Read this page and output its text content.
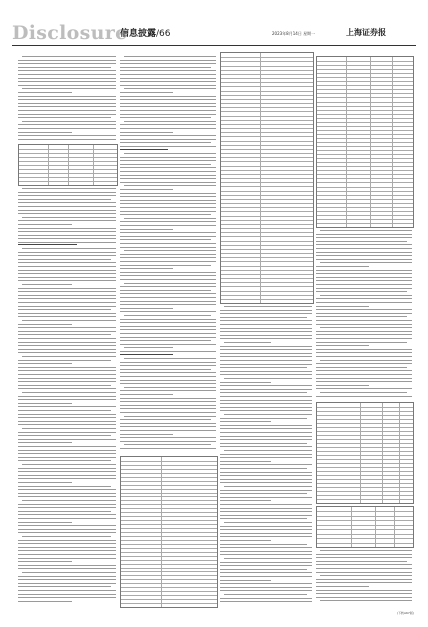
Disclosure
信息披露/66	2023年8月14日 星期一	上海证券报
(下转A67版)
